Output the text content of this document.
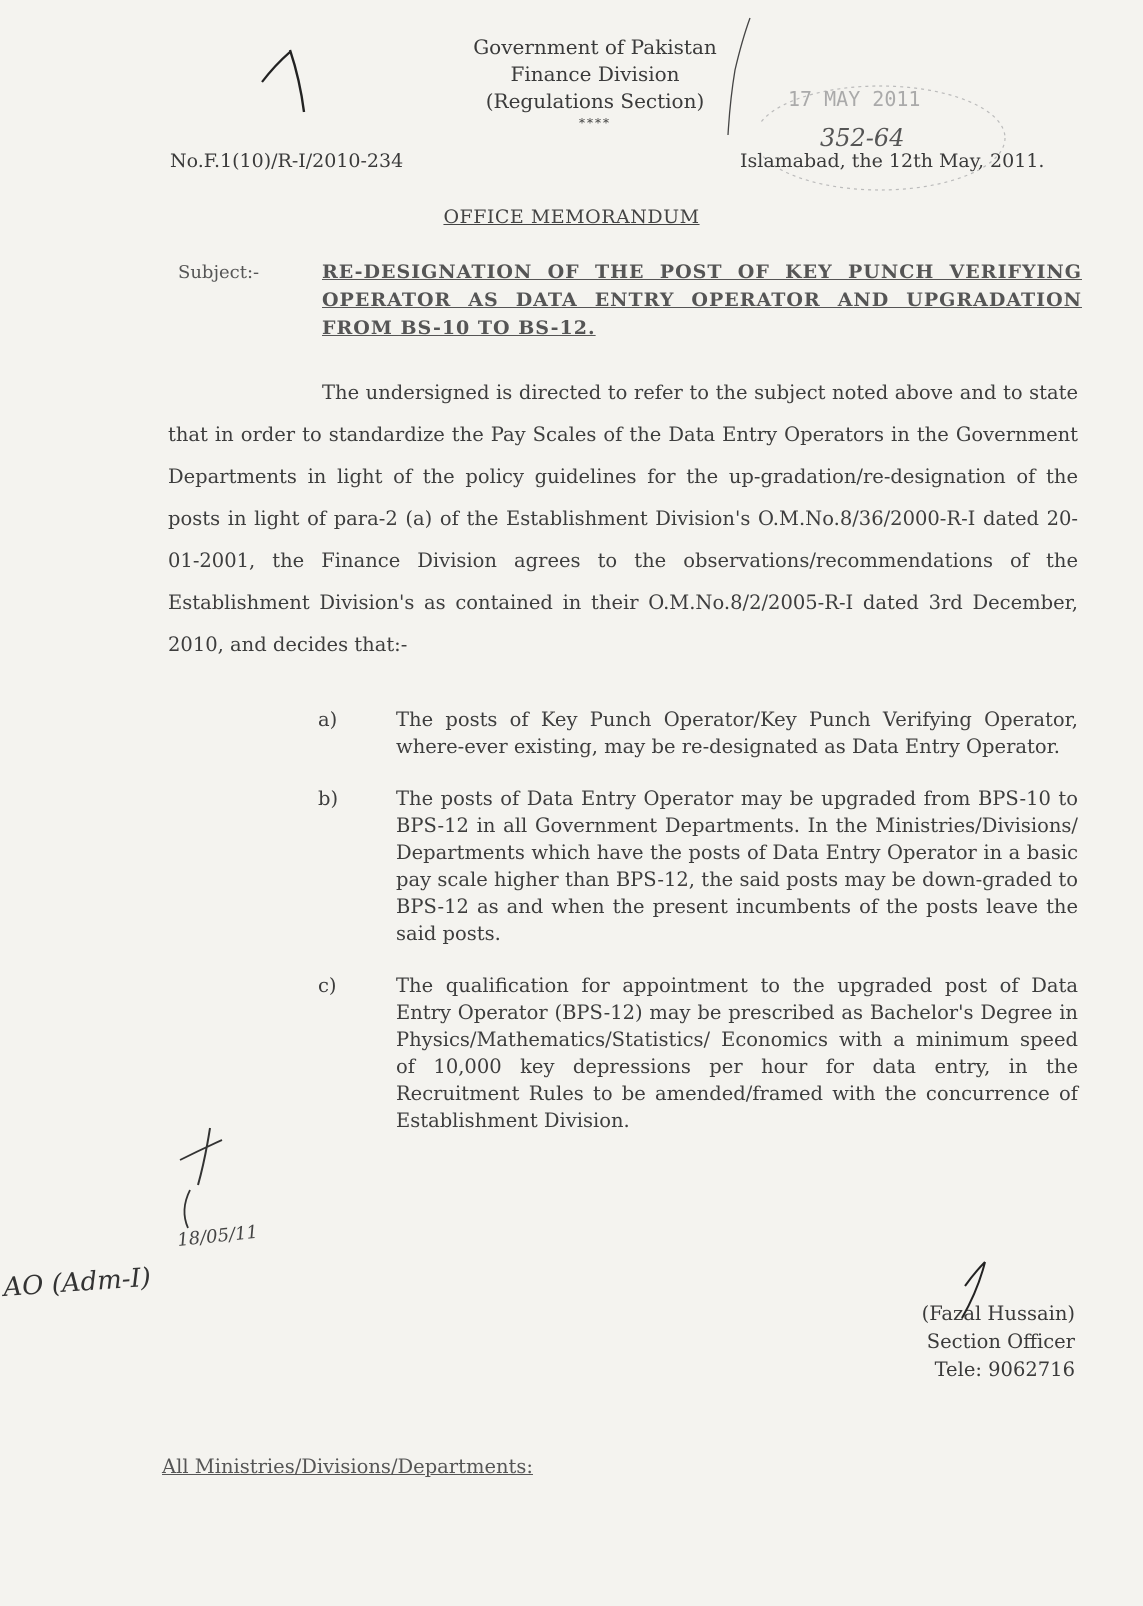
Government of Pakistan
Finance Division
(Regulations Section)
****
17 MAY 2011
352-64
No.F.1(10)/R-I/2010-234	Islamabad, the 12th May, 2011.
OFFICE MEMORANDUM
Subject:-	RE-DESIGNATION OF THE POST OF KEY PUNCH VERIFYING OPERATOR AS DATA ENTRY OPERATOR AND UPGRADATION FROM BS-10 TO BS-12.

The undersigned is directed to refer to the subject noted above and to state that in order to standardize the Pay Scales of the Data Entry Operators in the Government Departments in light of the policy guidelines for the up-gradation/re-designation of the posts in light of para-2 (a) of the Establishment Division's O.M.No.8/36/2000-R-I dated 20-01-2001, the Finance Division agrees to the observations/recommendations of the Establishment Division's as contained in their O.M.No.8/2/2005-R-I dated 3rd December, 2010, and decides that:-

a)	The posts of Key Punch Operator/Key Punch Verifying Operator, where-ever existing, may be re-designated as Data Entry Operator.
b)	The posts of Data Entry Operator may be upgraded from BPS-10 to BPS-12 in all Government Departments. In the Ministries/Divisions/ Departments which have the posts of Data Entry Operator in a basic pay scale higher than BPS-12, the said posts may be down-graded to BPS-12 as and when the present incumbents of the posts leave the said posts.
c)	The qualification for appointment to the upgraded post of Data Entry Operator (BPS-12) may be prescribed as Bachelor's Degree in Physics/Mathematics/Statistics/ Economics with a minimum speed of 10,000 key depressions per hour for data entry, in the Recruitment Rules to be amended/framed with the concurrence of Establishment Division.
(Fazal Hussain)
Section Officer
Tele: 9062716
All Ministries/Divisions/Departments:
18/05/11
AO (Adm-I)
